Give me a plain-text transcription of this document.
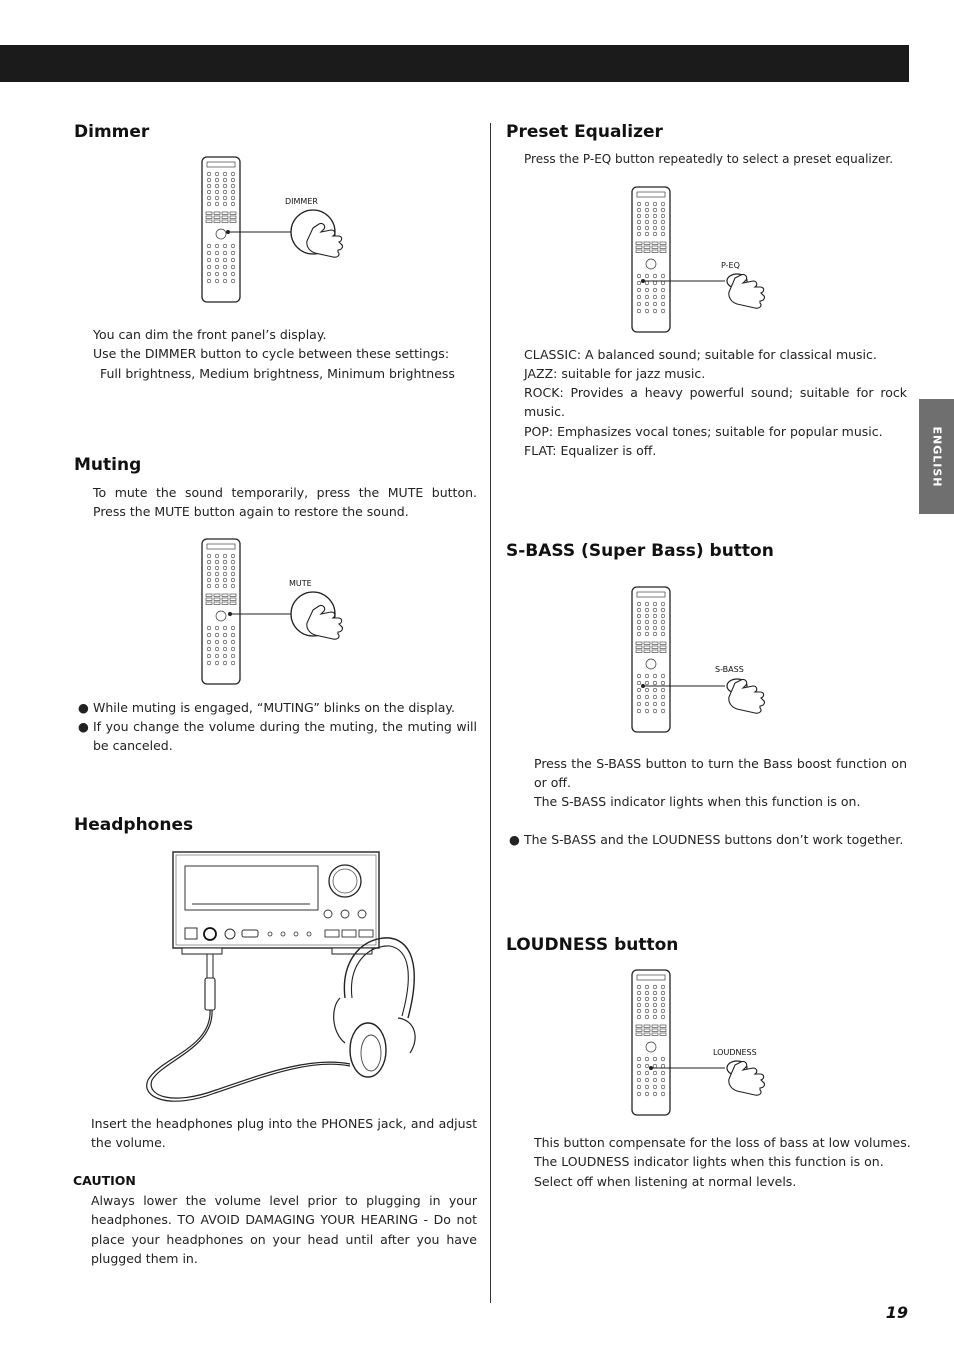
ENGLISH
Dimmer
DIMMER

You can dim the front panel’s display.

Use the DIMMER button to cycle between these settings:

Full brightness, Medium brightness, Minimum brightness

Muting

To mute the sound temporarily, press the MUTE button. Press the MUTE button again to restore the sound.

MUTE
● While muting is engaged, “MUTING” blinks on the display.
● If you change the volume during the muting, the muting will be canceled.
Headphones

Insert the headphones plug into the PHONES jack, and adjust the volume.

CAUTION

Always lower the volume level prior to plugging in your headphones. TO AVOID DAMAGING YOUR HEARING - Do not place your headphones on your head until after you have plugged them in.

Preset Equalizer

Press the P-EQ button repeatedly to select a preset equalizer.

P-EQ

CLASSIC: A balanced sound; suitable for classical music.

JAZZ: suitable for jazz music.

ROCK: Provides a heavy powerful sound; suitable for rock music.

POP: Emphasizes vocal tones; suitable for popular music.

FLAT: Equalizer is off.

S-BASS (Super Bass) button
S-BASS

Press the S-BASS button to turn the Bass boost function on or off.

The S-BASS indicator lights when this function is on.

● The S-BASS and the LOUDNESS buttons don’t work together.
LOUDNESS button
LOUDNESS

This button compensate for the loss of bass at low volumes.

The LOUDNESS indicator lights when this function is on.

Select off when listening at normal levels.

19
